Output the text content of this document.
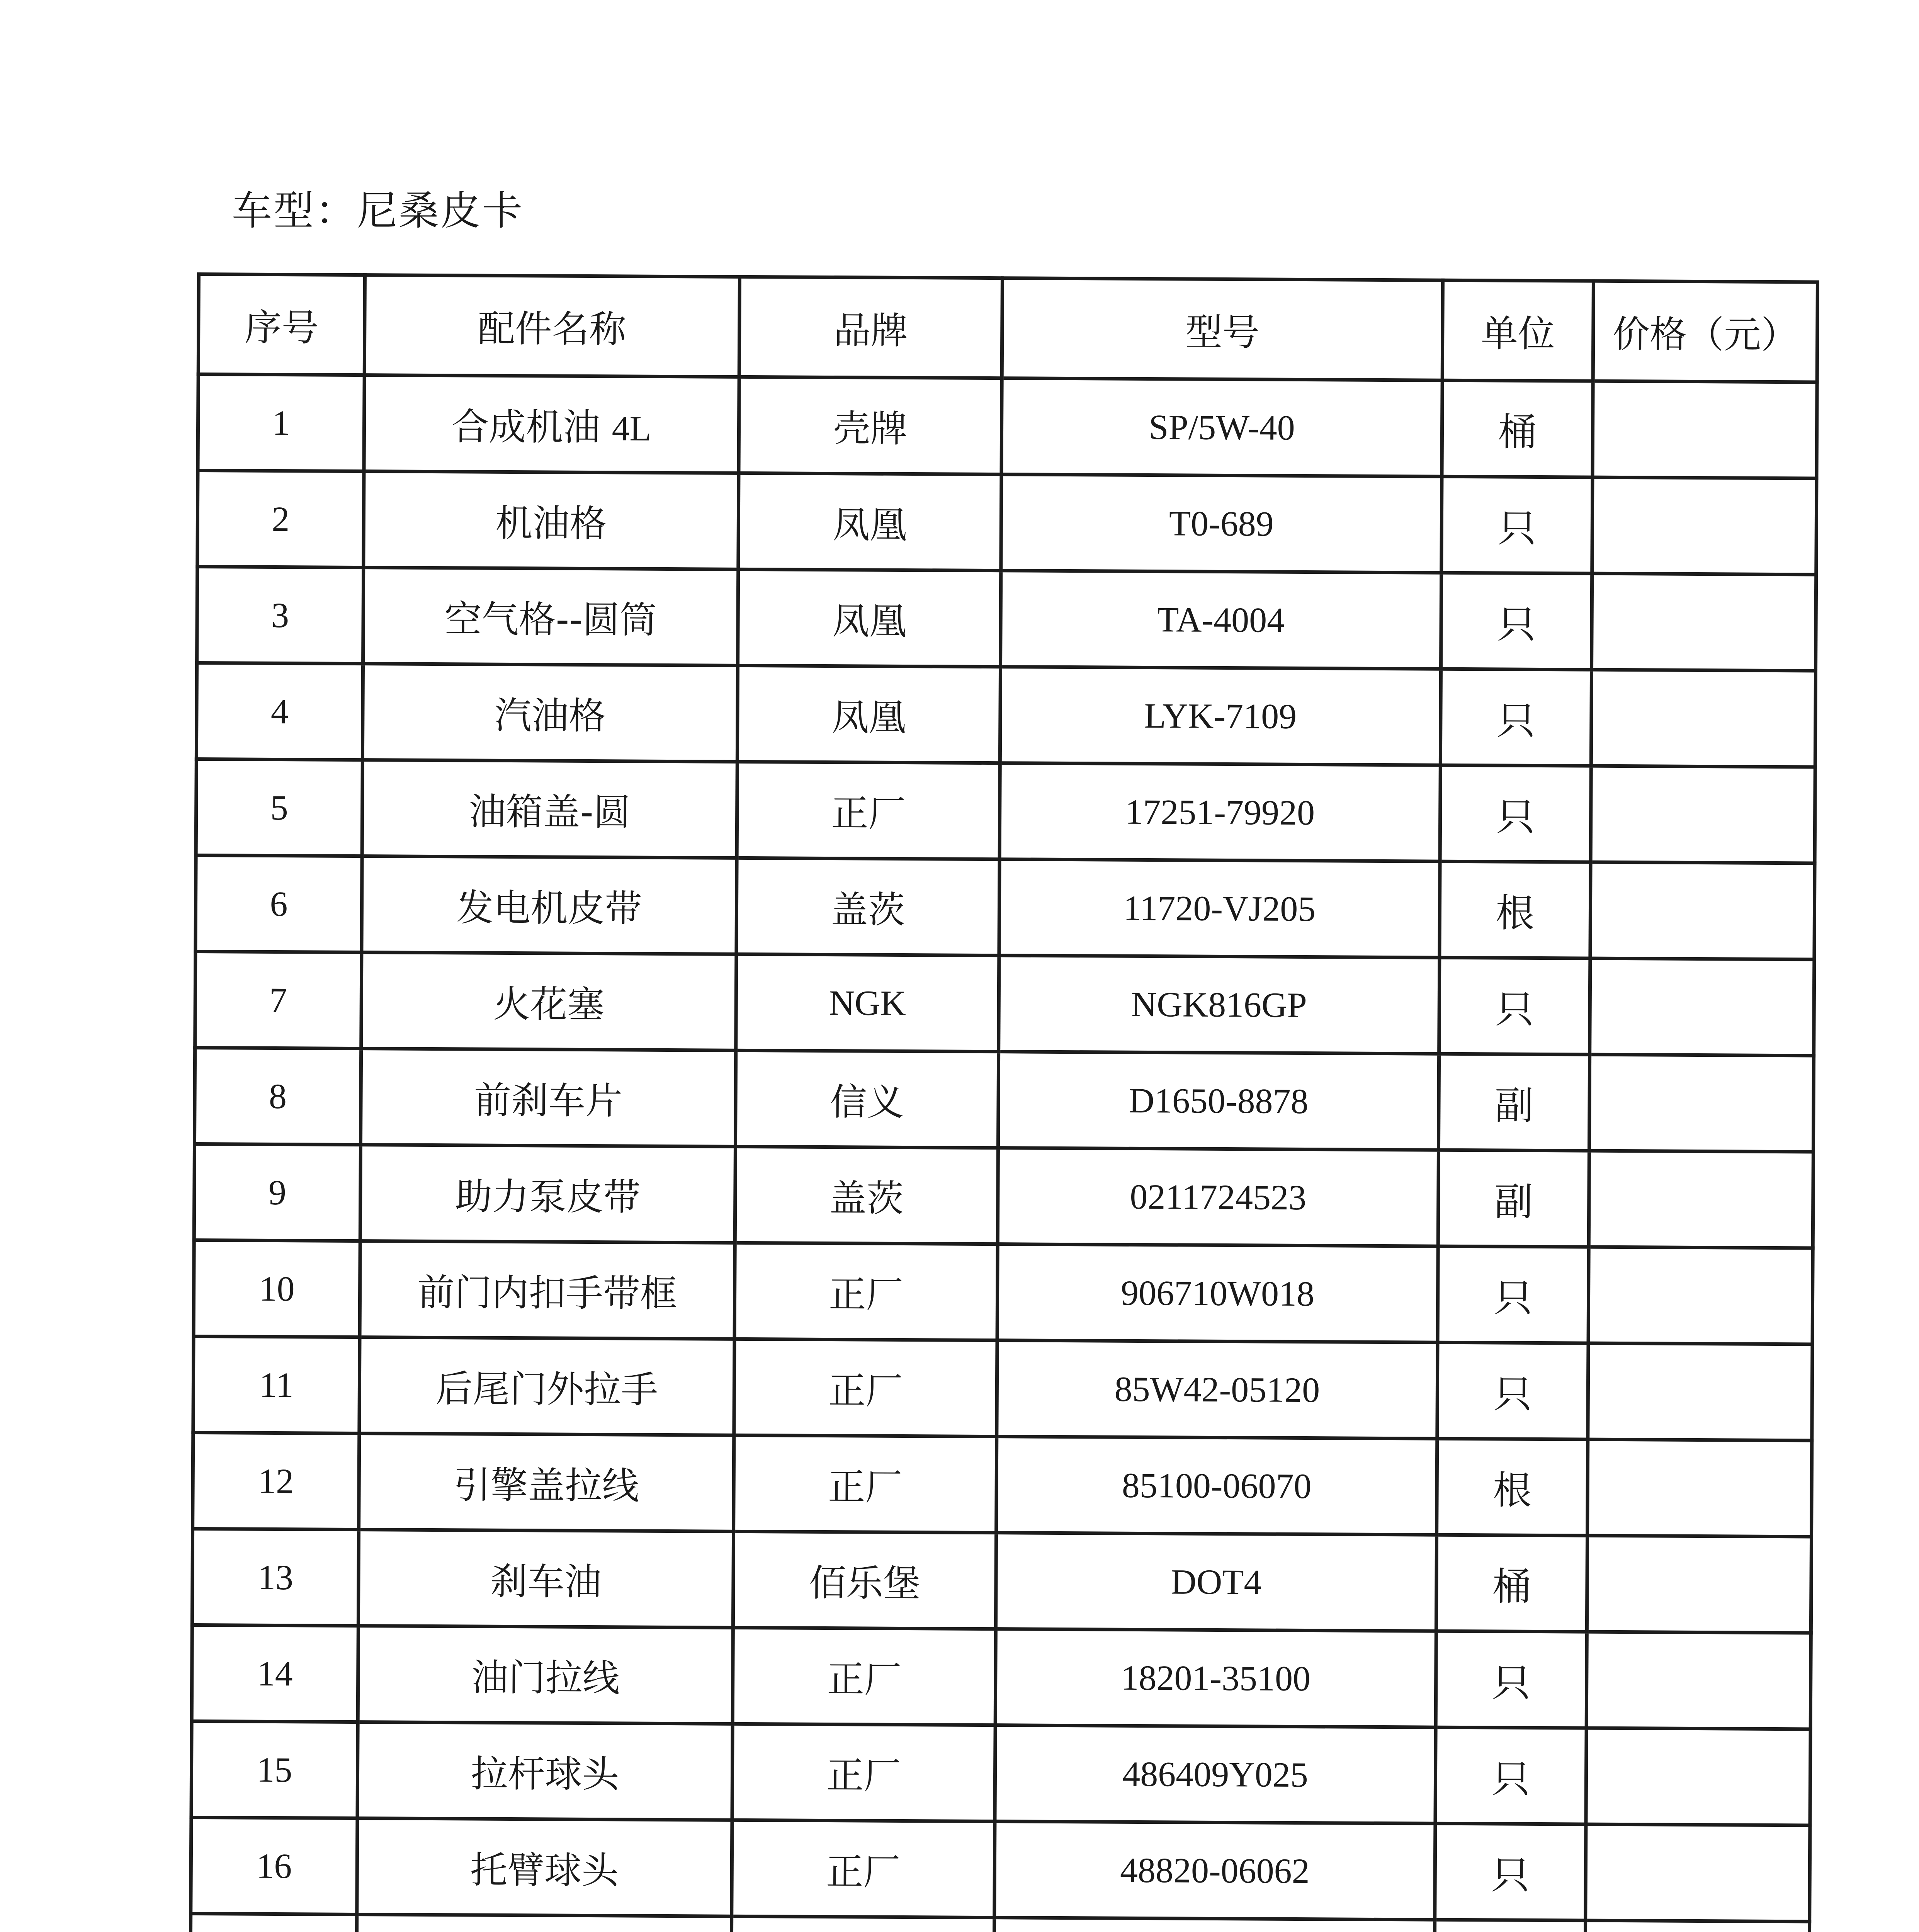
车型：尼桑皮卡
序号	配件名称	品牌	型号	单位	价格（元）
1	合成机油 4L	壳牌	SP/5W-40	桶	
2	机油格	凤凰	T0-689	只	
3	空气格--圆筒	凤凰	TA-4004	只	
4	汽油格	凤凰	LYK-7109	只	
5	油箱盖-圆	正厂	17251-79920	只	
6	发电机皮带	盖茨	11720-VJ205	根	
7	火花塞	NGK	NGK816GP	只	
8	前刹车片	信义	D1650-8878	副	
9	助力泵皮带	盖茨	0211724523	副	
10	前门内扣手带框	正厂	906710W018	只	
11	后尾门外拉手	正厂	85W42-05120	只	
12	引擎盖拉线	正厂	85100-06070	根	
13	刹车油	佰乐堡	DOT4	桶	
14	油门拉线	正厂	18201-35100	只	
15	拉杆球头	正厂	486409Y025	只	
16	托臂球头	正厂	48820-06062	只	
